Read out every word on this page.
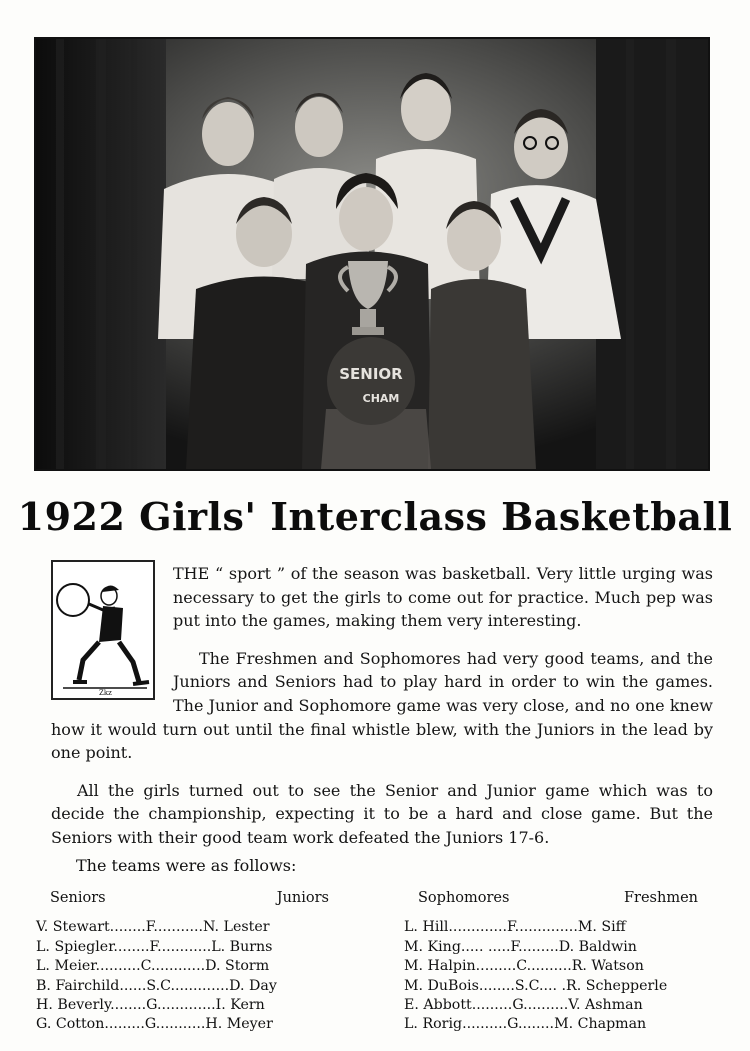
SENIOR
CHAM
1922 Girls' Interclass Basketball
Zkz

THE “ sport ” of the season was basketball. Very little urging was necessary to get the girls to come out for practice. Much pep was put into the games, making them very interesting.

The Freshmen and Sophomores had very good teams, and the Juniors and Seniors had to play hard in order to win the games. The Junior and Sophomore game was very close, and no one knew how it would turn out until the final whistle blew, with the Juniors in the lead by one point.

All the girls turned out to see the Senior and Junior game which was to decide the championship, expecting it to be a hard and close game. But the Seniors with their good team work defeated the Juniors 17-6.

The teams were as follows:
Seniors	Juniors
V. Stewart........F...........N. Lester
L. Spiegler........F............L. Burns
L. Meier..........C............D. Storm
B. Fairchild......S.C.............D. Day
H. Beverly........G.............I. Kern
G. Cotton.........G...........H. Meyer
Sophomores	Freshmen
L. Hill.............F..............M. Siff
M. King..... .....F.........D. Baldwin
M. Halpin.........C..........R. Watson
M. DuBois........S.C.... .R. Schepperle
E. Abbott.........G..........V. Ashman
L. Rorig..........G........M. Chapman
